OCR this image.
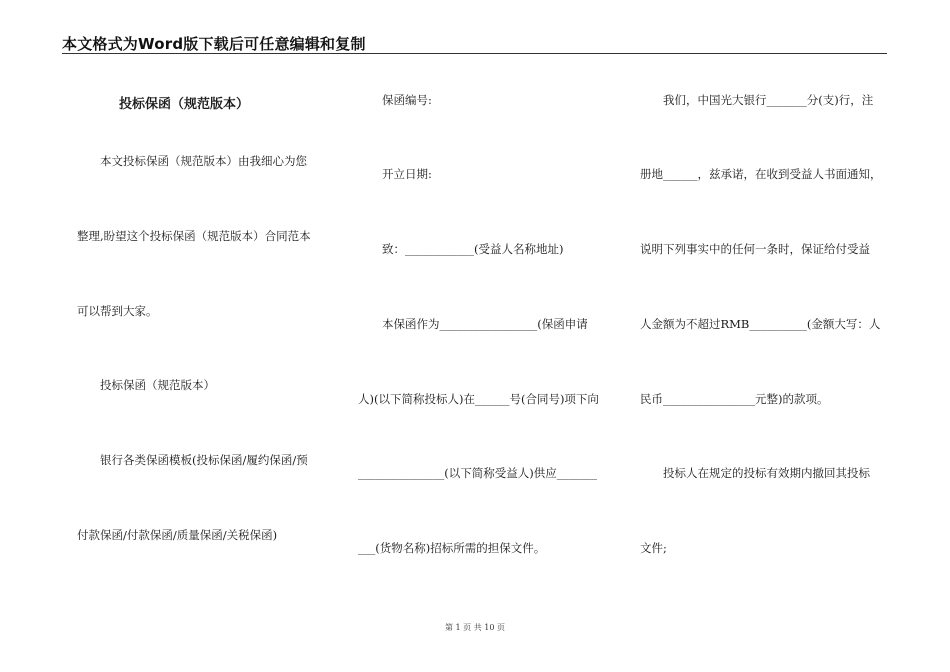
本文格式为Word版下载后可任意编辑和复制
投标保函（规范版本）
本文投标保函（规范版本）由我细心为您
整理,盼望这个投标保函（规范版本）合同范本
可以帮到大家。
投标保函（规范版本）
银行各类保函模板(投标保函/履约保函/预
付款保函/付款保函/质量保函/关税保函)
保函编号:
开立日期:
致：____________(受益人名称地址)
本保函作为_________________(保函申请
人)(以下简称投标人)在______号(合同号)项下向
_______________(以下简称受益人)供应_______
___(货物名称)招标所需的担保文件。
我们，中国光大银行_______分(支)行，注
册地______，兹承诺，在收到受益人书面通知，
说明下列事实中的任何一条时，保证给付受益
人金额为不超过RMB__________(金额大写：人
民币________________元整)的款项。
投标人在规定的投标有效期内撤回其投标
文件;
第 1 页 共 10 页
